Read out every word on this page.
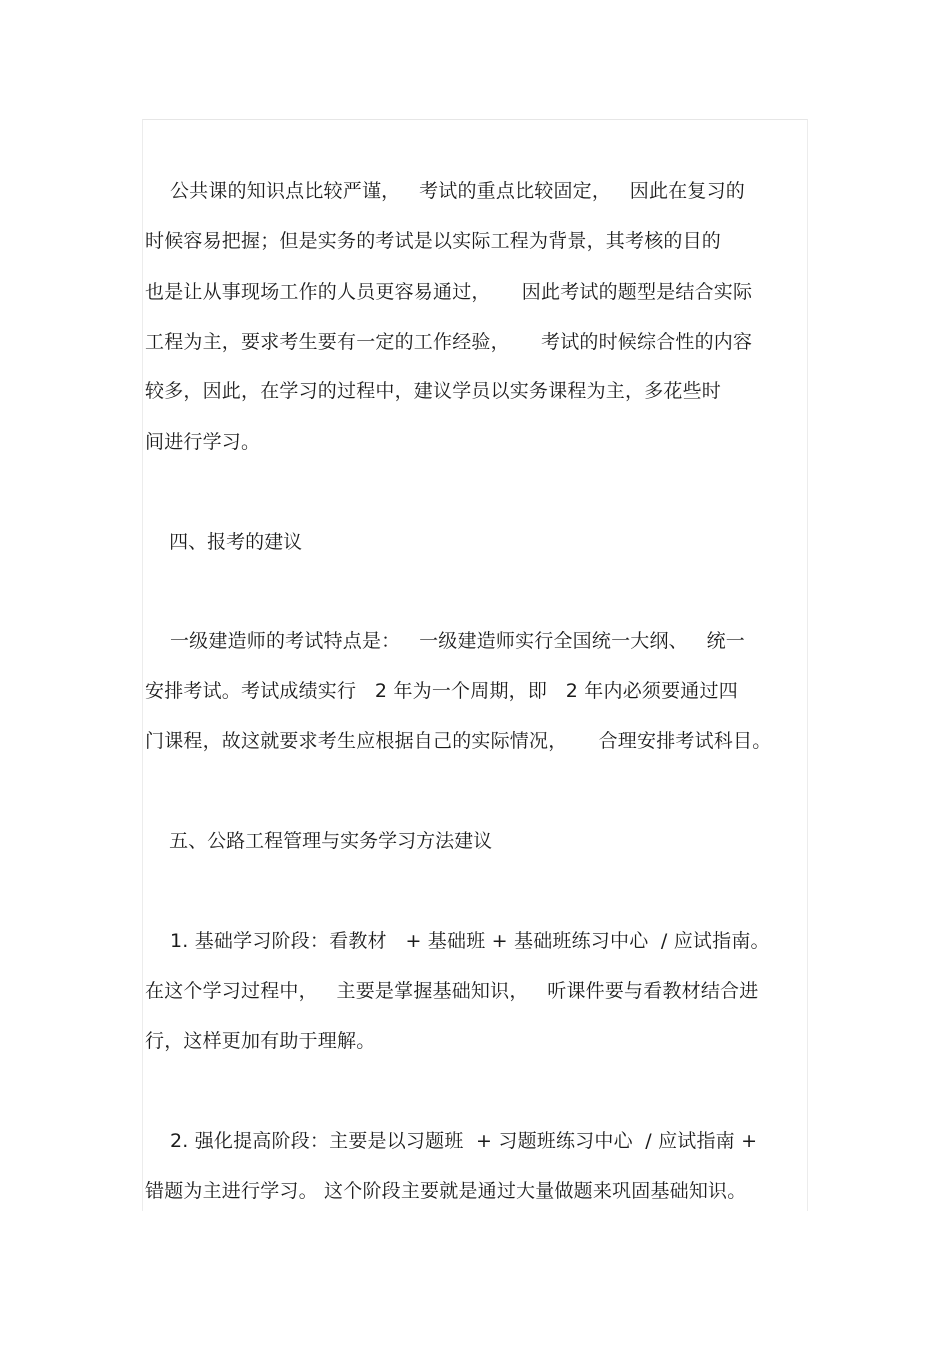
公共课的知识点比较严谨，   考试的重点比较固定，   因此在复习的
时候容易把握；但是实务的考试是以实际工程为背景，其考核的目的
也是让从事现场工作的人员更容易通过，     因此考试的题型是结合实际
工程为主，要求考生要有一定的工作经验，     考试的时候综合性的内容
较多，因此，在学习的过程中，建议学员以实务课程为主，多花些时
间进行学习。
四、报考的建议
一级建造师的考试特点是：   一级建造师实行全国统一大纲、   统一
安排考试。考试成绩实行   2 年为一个周期，即   2 年内必须要通过四
门课程，故这就要求考生应根据自己的实际情况，     合理安排考试科目。
五、公路工程管理与实务学习方法建议
1. 基础学习阶段：看教材   + 基础班 + 基础班练习中心  / 应试指南。
在这个学习过程中，   主要是掌握基础知识，   听课件要与看教材结合进
行，这样更加有助于理解。
2. 强化提高阶段：主要是以习题班  + 习题班练习中心  / 应试指南 +
错题为主进行学习。 这个阶段主要就是通过大量做题来巩固基础知识。
